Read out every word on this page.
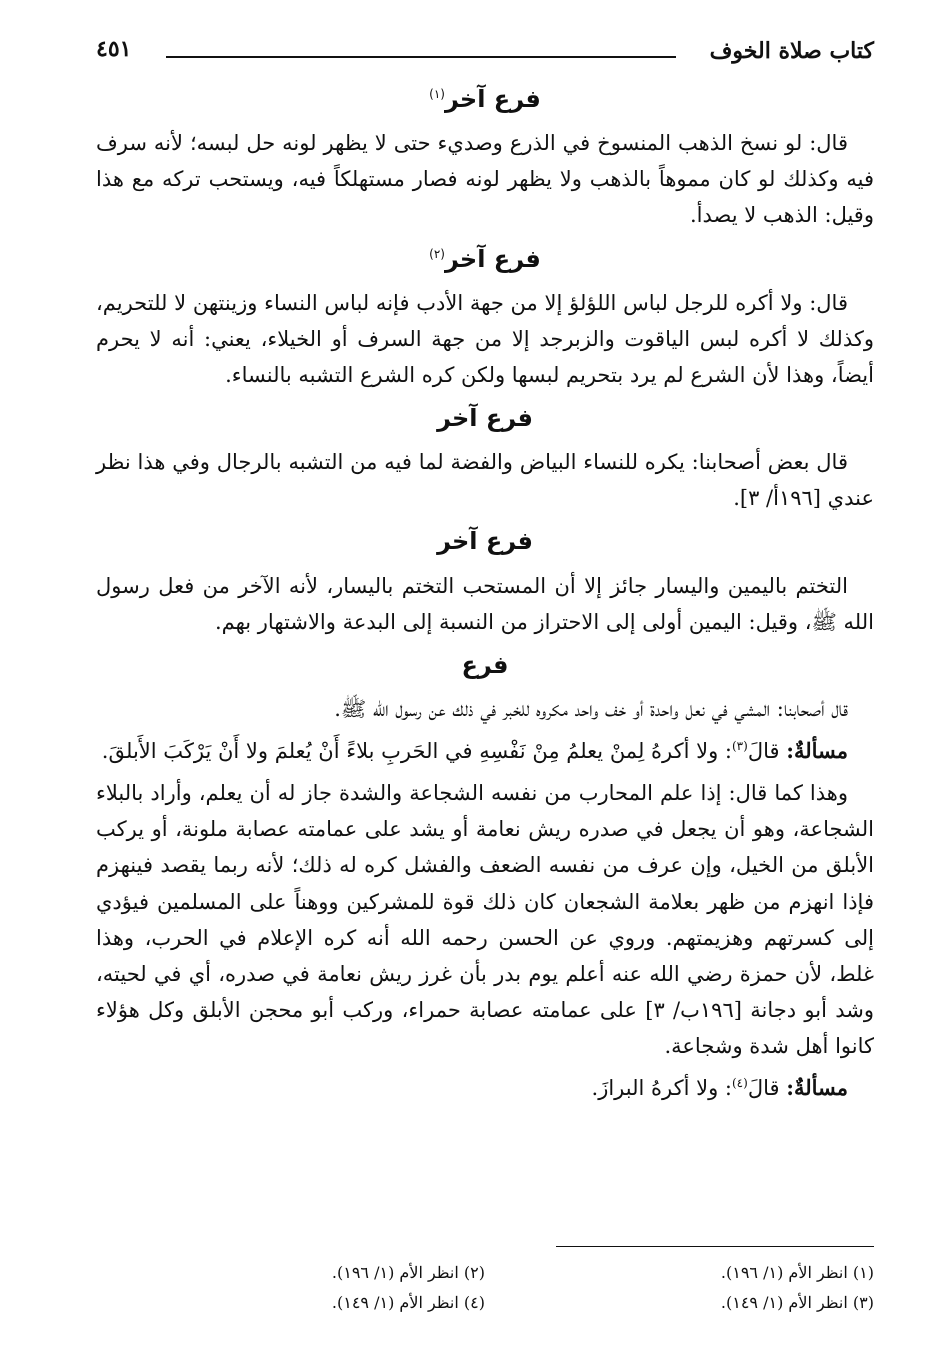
كتاب صلاة الخوف
٤٥١
فرع آخر$^{(١)}$

قال: لو نسخ الذهب المنسوخ في الذرع وصديء حتى لا يظهر لونه حل لبسه؛ لأنه سرف فيه وكذلك لو كان مموهاً بالذهب ولا يظهر لونه فصار مستهلكاً فيه، ويستحب تركه مع هذا وقيل: الذهب لا يصدأ.

فرع آخر$^{(٢)}$

قال: ولا أكره للرجل لباس اللؤلؤ إلا من جهة الأدب فإنه لباس النساء وزينتهن لا للتحريم، وكذلك لا أكره لبس الياقوت والزبرجد إلا من جهة السرف أو الخيلاء، يعني: أنه لا يحرم أيضاً، وهذا لأن الشرع لم يرد بتحريم لبسها ولكن كره الشرع التشبه بالنساء.

فرع آخر

قال بعض أصحابنا: يكره للنساء البياض والفضة لما فيه من التشبه بالرجال وفي هذا نظر عندي [١٩٦أ/ ٣].

فرع آخر

التختم باليمين واليسار جائز إلا أن المستحب التختم باليسار، لأنه الآخر من فعل رسول الله ﷺ، وقيل: اليمين أولى إلى الاحتراز من النسبة إلى البدعة والاشتهار بهم.

فرع

قال أصحابنا: المشي في نعل واحدة أو خف واحد مكروه للخبر في ذلك عن رسول الله ﷺ.

مسألةٌ: قالَ$^{(٣)}$: ولا أكرهُ لِمنْ يعلمُ مِنْ نَفْسِهِ في الحَربِ بلاءً أَنْ يُعلمَ ولا أَنْ يَرْكَبَ الأَبلقَ.

وهذا كما قال: إذا علم المحارب من نفسه الشجاعة والشدة جاز له أن يعلم، وأراد بالبلاء الشجاعة، وهو أن يجعل في صدره ريش نعامة أو يشد على عمامته عصابة ملونة، أو يركب الأبلق من الخيل، وإن عرف من نفسه الضعف والفشل كره له ذلك؛ لأنه ربما يقصد فينهزم فإذا انهزم من ظهر بعلامة الشجعان كان ذلك قوة للمشركين ووهناً على المسلمين فيؤدي إلى كسرتهم وهزيمتهم. وروي عن الحسن رحمه الله أنه كره الإعلام في الحرب، وهذا غلط، لأن حمزة رضي الله عنه أعلم يوم بدر بأن غرز ريش نعامة في صدره، أي في لحيته، وشد أبو دجانة [١٩٦ب/ ٣] على عمامته عصابة حمراء، وركب أبو محجن الأبلق وكل هؤلاء كانوا أهل شدة وشجاعة.

مسألةٌ: قالَ$^{(٤)}$: ولا أكرهُ البرازَ.

(١) انظر الأم (١/ ١٩٦).
(٢) انظر الأم (١/ ١٩٦).
(٣) انظر الأم (١/ ١٤٩).
(٤) انظر الأم (١/ ١٤٩).
